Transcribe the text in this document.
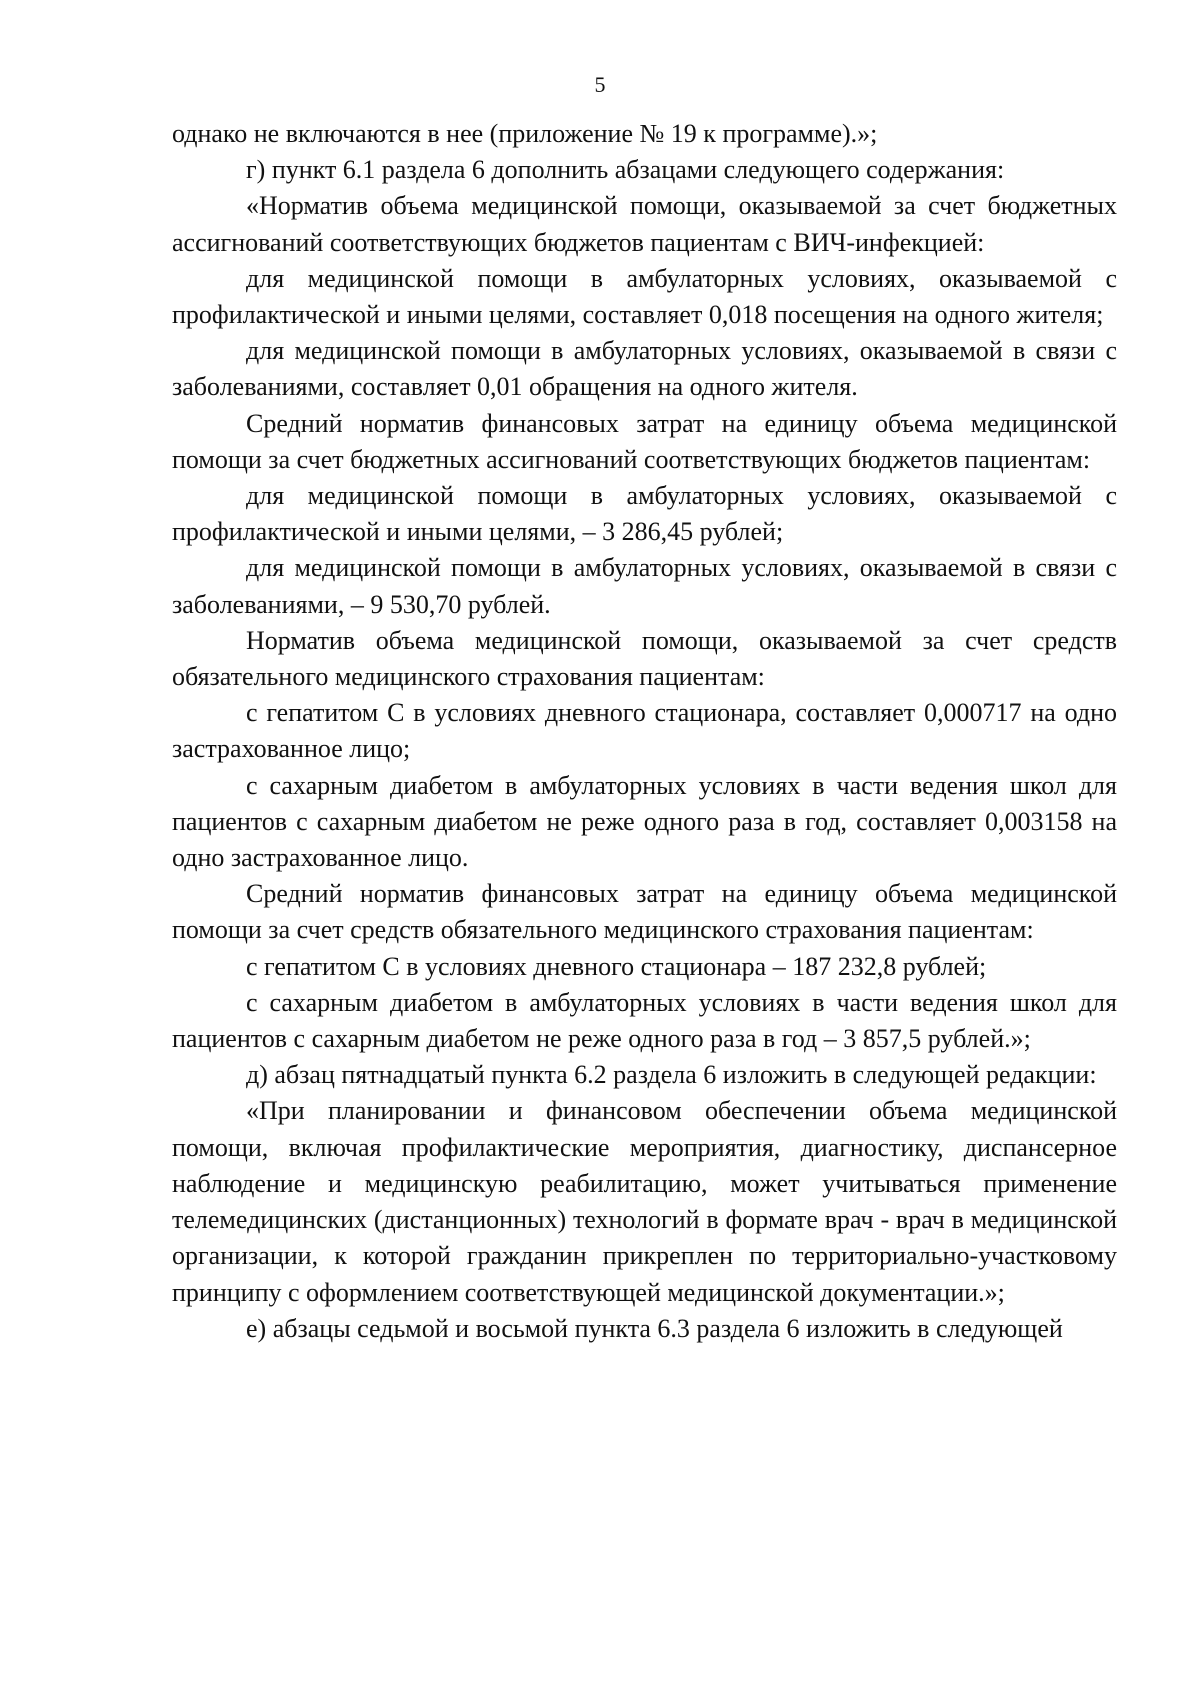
5

однако не включаются в нее (приложение № 19 к программе).»;

г) пункт 6.1 раздела 6 дополнить абзацами следующего содержания:

«Норматив объема медицинской помощи, оказываемой за счет бюджетных ассигнований соответствующих бюджетов пациентам с ВИЧ-инфекцией:

для медицинской помощи в амбулаторных условиях, оказываемой с профилактической и иными целями, составляет 0,018 посещения на одного жителя;

для медицинской помощи в амбулаторных условиях, оказываемой в связи с заболеваниями, составляет 0,01 обращения на одного жителя.

Средний норматив финансовых затрат на единицу объема медицинской помощи за счет бюджетных ассигнований соответствующих бюджетов пациентам:

для медицинской помощи в амбулаторных условиях, оказываемой с профилактической и иными целями, – 3 286,45 рублей;

для медицинской помощи в амбулаторных условиях, оказываемой в связи с заболеваниями, – 9 530,70 рублей.

Норматив объема медицинской помощи, оказываемой за счет средств обязательного медицинского страхования пациентам:

с гепатитом С в условиях дневного стационара, составляет 0,000717 на одно застрахованное лицо;

с сахарным диабетом в амбулаторных условиях в части ведения школ для пациентов с сахарным диабетом не реже одного раза в год, составляет 0,003158 на одно застрахованное лицо.

Средний норматив финансовых затрат на единицу объема медицинской помощи за счет средств обязательного медицинского страхования пациентам:

с гепатитом С в условиях дневного стационара – 187 232,8 рублей;

с сахарным диабетом в амбулаторных условиях в части ведения школ для пациентов с сахарным диабетом не реже одного раза в год – 3 857,5 рублей.»;

д) абзац пятнадцатый пункта 6.2 раздела 6 изложить в следующей редакции:

«При планировании и финансовом обеспечении объема медицинской помощи, включая профилактические мероприятия, диагностику, диспансерное наблюдение и медицинскую реабилитацию, может учитываться применение телемедицинских (дистанционных) технологий в формате врач - врач в медицинской организации, к которой гражданин прикреплен по территориально-участковому принципу с оформлением соответствующей медицинской документации.»;

е) абзацы седьмой и восьмой пункта 6.3 раздела 6 изложить в следующей
